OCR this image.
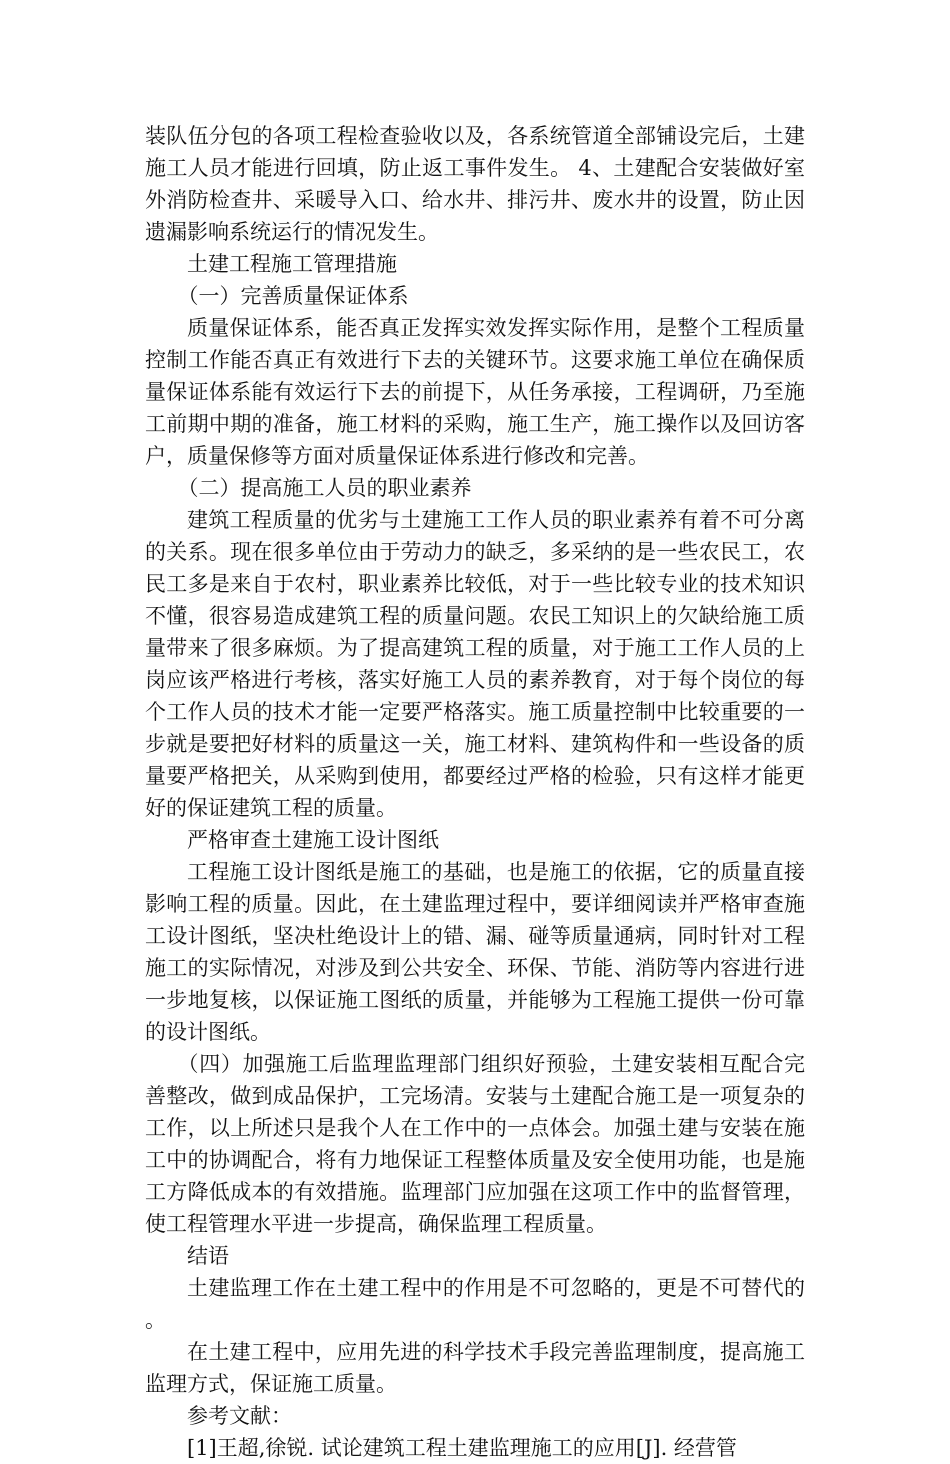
装队伍分包的各项工程检查验收以及，各系统管道全部铺设完后，土建施工人员才能进行回填，防止返工事件发生。 4、土建配合安装做好室外消防检查井、采暖导入口、给水井、排污井、废水井的设置，防止因遗漏影响系统运行的情况发生。

土建工程施工管理措施

（一）完善质量保证体系

质量保证体系，能否真正发挥实效发挥实际作用，是整个工程质量控制工作能否真正有效进行下去的关键环节。这要求施工单位在确保质量保证体系能有效运行下去的前提下，从任务承接，工程调研，乃至施工前期中期的准备，施工材料的采购，施工生产，施工操作以及回访客户，质量保修等方面对质量保证体系进行修改和完善。

（二）提高施工人员的职业素养

建筑工程质量的优劣与土建施工工作人员的职业素养有着不可分离的关系。现在很多单位由于劳动力的缺乏，多采纳的是一些农民工，农民工多是来自于农村，职业素养比较低，对于一些比较专业的技术知识不懂，很容易造成建筑工程的质量问题。农民工知识上的欠缺给施工质量带来了很多麻烦。为了提高建筑工程的质量，对于施工工作人员的上岗应该严格进行考核，落实好施工人员的素养教育，对于每个岗位的每个工作人员的技术才能一定要严格落实。施工质量控制中比较重要的一步就是要把好材料的质量这一关，施工材料、建筑构件和一些设备的质量要严格把关，从采购到使用，都要经过严格的检验，只有这样才能更好的保证建筑工程的质量。

严格审查土建施工设计图纸

工程施工设计图纸是施工的基础，也是施工的依据，它的质量直接影响工程的质量。因此，在土建监理过程中，要详细阅读并严格审查施工设计图纸，坚决杜绝设计上的错、漏、碰等质量通病，同时针对工程施工的实际情况，对涉及到公共安全、环保、节能、消防等内容进行进一步地复核，以保证施工图纸的质量，并能够为工程施工提供一份可靠的设计图纸。

（四）加强施工后监理监理部门组织好预验，土建安装相互配合完善整改，做到成品保护，工完场清。安装与土建配合施工是一项复杂的工作，以上所述只是我个人在工作中的一点体会。加强土建与安装在施工中的协调配合，将有力地保证工程整体质量及安全使用功能，也是施工方降低成本的有效措施。监理部门应加强在这项工作中的监督管理，使工程管理水平进一步提高，确保监理工程质量。

结语

土建监理工作在土建工程中的作用是不可忽略的，更是不可替代的。

在土建工程中，应用先进的科学技术手段完善监理制度，提高施工监理方式，保证施工质量。

参考文献：

[1]王超,徐锐. 试论建筑工程土建监理施工的应用[J]. 经营管
